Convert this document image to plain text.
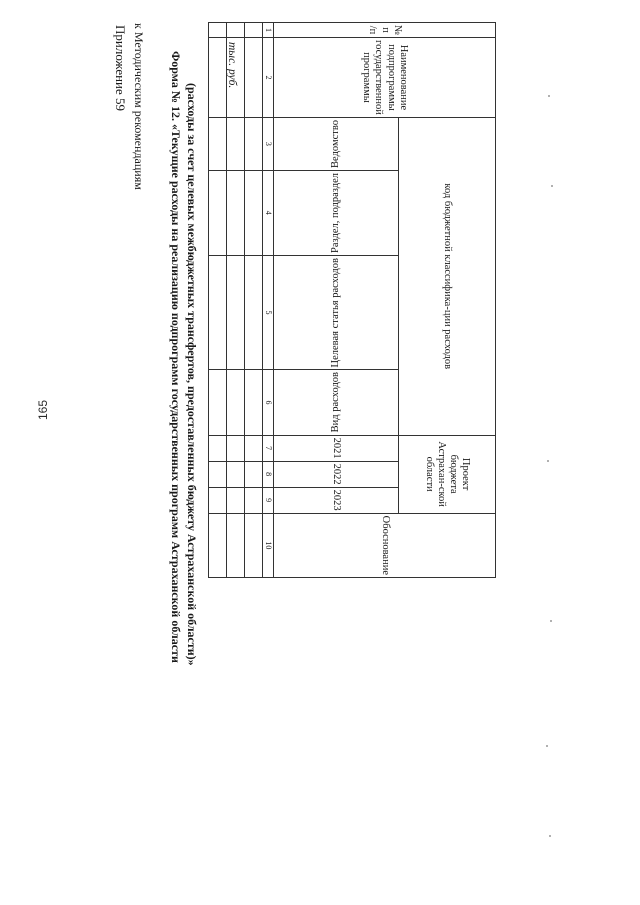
165
Приложение 59 к Методическим рекомендациям Форма № 12. «Текущие расходы на реализацию подпрограмм государственных программ Астраханской области (расходы за счет целевых межбюджетных трансфертов, предоставленных бюджету Астраханской области)»
тыс. руб.
№ п /п	Наименование подпрограммы государственной программы	код бюджетной классифика-ции расходов				Проект бюджета Астрахан-ской области			Обоснование
		Ведомство	Раздел, подраздел	Целевая статья расходов	Вид расходов	2021	2022	2023	
1	2	3	4	5	6	7	8	9	10
